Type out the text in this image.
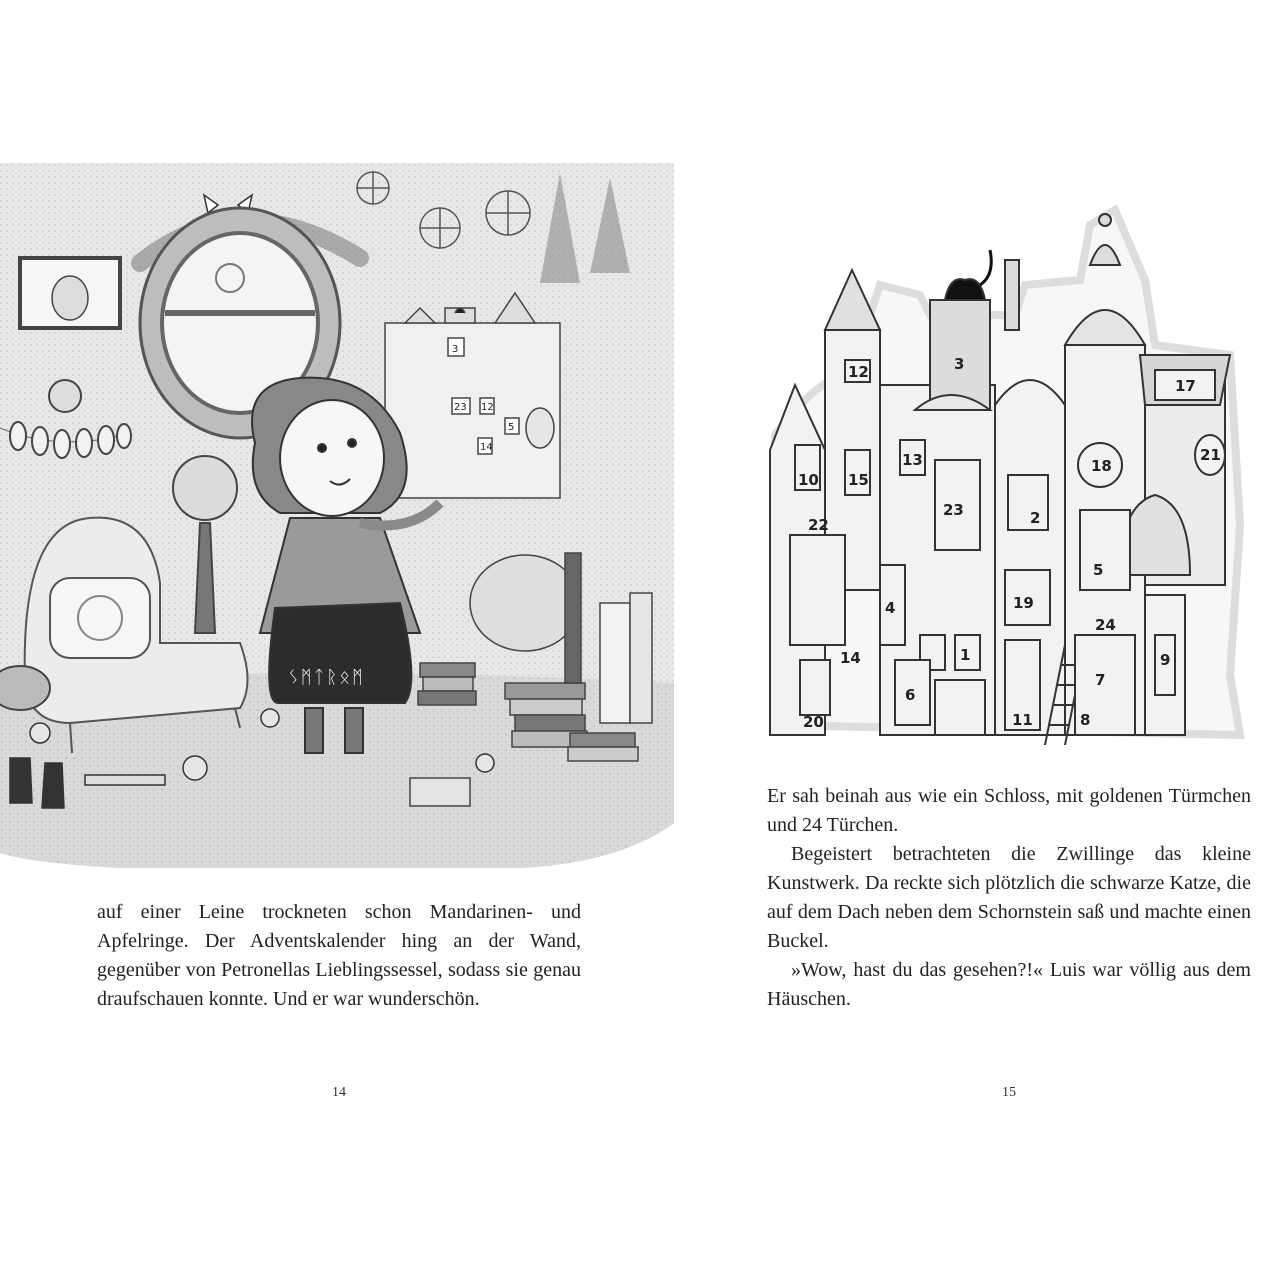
3
23 12
5
14
ᛊᛗᛏᚱᛟᛗ

auf einer Leine trockneten schon Mandarinen- und Apfelringe. Der Adventskalender hing an der Wand, gegenüber von Petronellas Lieblingssessel, sodass sie genau draufschauen konnte. Und er war wunderschön.

14
3
17
12
13	21
18
23	2
10 15
22
5
19
4
1
14
24
6
7
9
20	11	8

Er sah beinah aus wie ein Schloss, mit goldenen Türmchen und 24 Türchen.

Begeistert betrachteten die Zwillinge das kleine Kunstwerk. Da reckte sich plötzlich die schwarze Katze, die auf dem Dach neben dem Schornstein saß und machte einen Buckel.

»Wow, hast du das gesehen?!« Luis war völlig aus dem Häuschen.

15
